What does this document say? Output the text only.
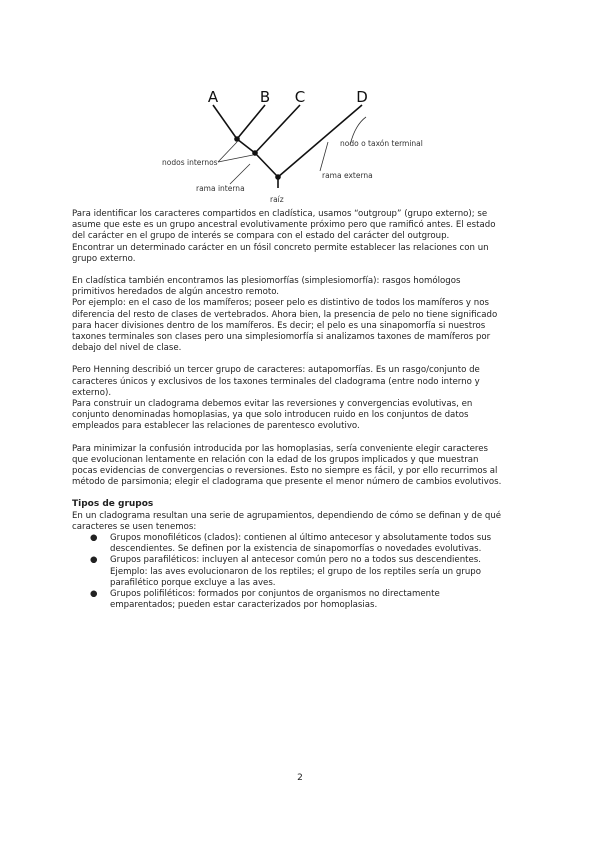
A	B C	D
nodos internos
nodo o taxón terminal
rama interna
rama externa
raíz
Para identificar los caracteres compartidos en cladística, usamos “outgroup” (grupo externo); se
asume que este es un grupo ancestral evolutivamente próximo pero que ramificó antes. El estado
del carácter en el grupo de interés se compara con el estado del carácter del outgroup.
Encontrar un determinado carácter en un fósil concreto permite establecer las relaciones con un
grupo externo.
En cladística también encontramos las plesiomorfías (simplesiomorfía): rasgos homólogos
primitivos heredados de algún ancestro remoto.
Por ejemplo: en el caso de los mamíferos; poseer pelo es distintivo de todos los mamíferos y nos
diferencia del resto de clases de vertebrados. Ahora bien, la presencia de pelo no tiene significado
para hacer divisiones dentro de los mamíferos. Es decir; el pelo es una sinapomorfía si nuestros
taxones terminales son clases pero una simplesiomorfía si analizamos taxones de mamíferos por
debajo del nivel de clase.
Pero Henning describió un tercer grupo de caracteres: autapomorfías. Es un rasgo/conjunto de
caracteres únicos y exclusivos de los taxones terminales del cladograma (entre nodo interno y
externo).
Para construir un cladograma debemos evitar las reversiones y convergencias evolutivas, en
conjunto denominadas homoplasias, ya que solo introducen ruido en los conjuntos de datos
empleados para establecer las relaciones de parentesco evolutivo.
Para minimizar la confusión introducida por las homoplasias, sería conveniente elegir caracteres
que evolucionan lentamente en relación con la edad de los grupos implicados y que muestran
pocas evidencias de convergencias o reversiones. Esto no siempre es fácil, y por ello recurrimos al
método de parsimonia; elegir el cladograma que presente el menor número de cambios evolutivos.
Tipos de grupos
En un cladograma resultan una serie de agrupamientos, dependiendo de cómo se definan y de qué
caracteres se usen tenemos:
● Grupos monofiléticos (clados): contienen al último antecesor y absolutamente todos sus
descendientes. Se definen por la existencia de sinapomorfías o novedades evolutivas.
● Grupos parafiléticos: incluyen al antecesor común pero no a todos sus descendientes.
Ejemplo: las aves evolucionaron de los reptiles; el grupo de los reptiles sería un grupo
parafilético porque excluye a las aves.
● Grupos polifiléticos: formados por conjuntos de organismos no directamente
emparentados; pueden estar caracterizados por homoplasias.
2
